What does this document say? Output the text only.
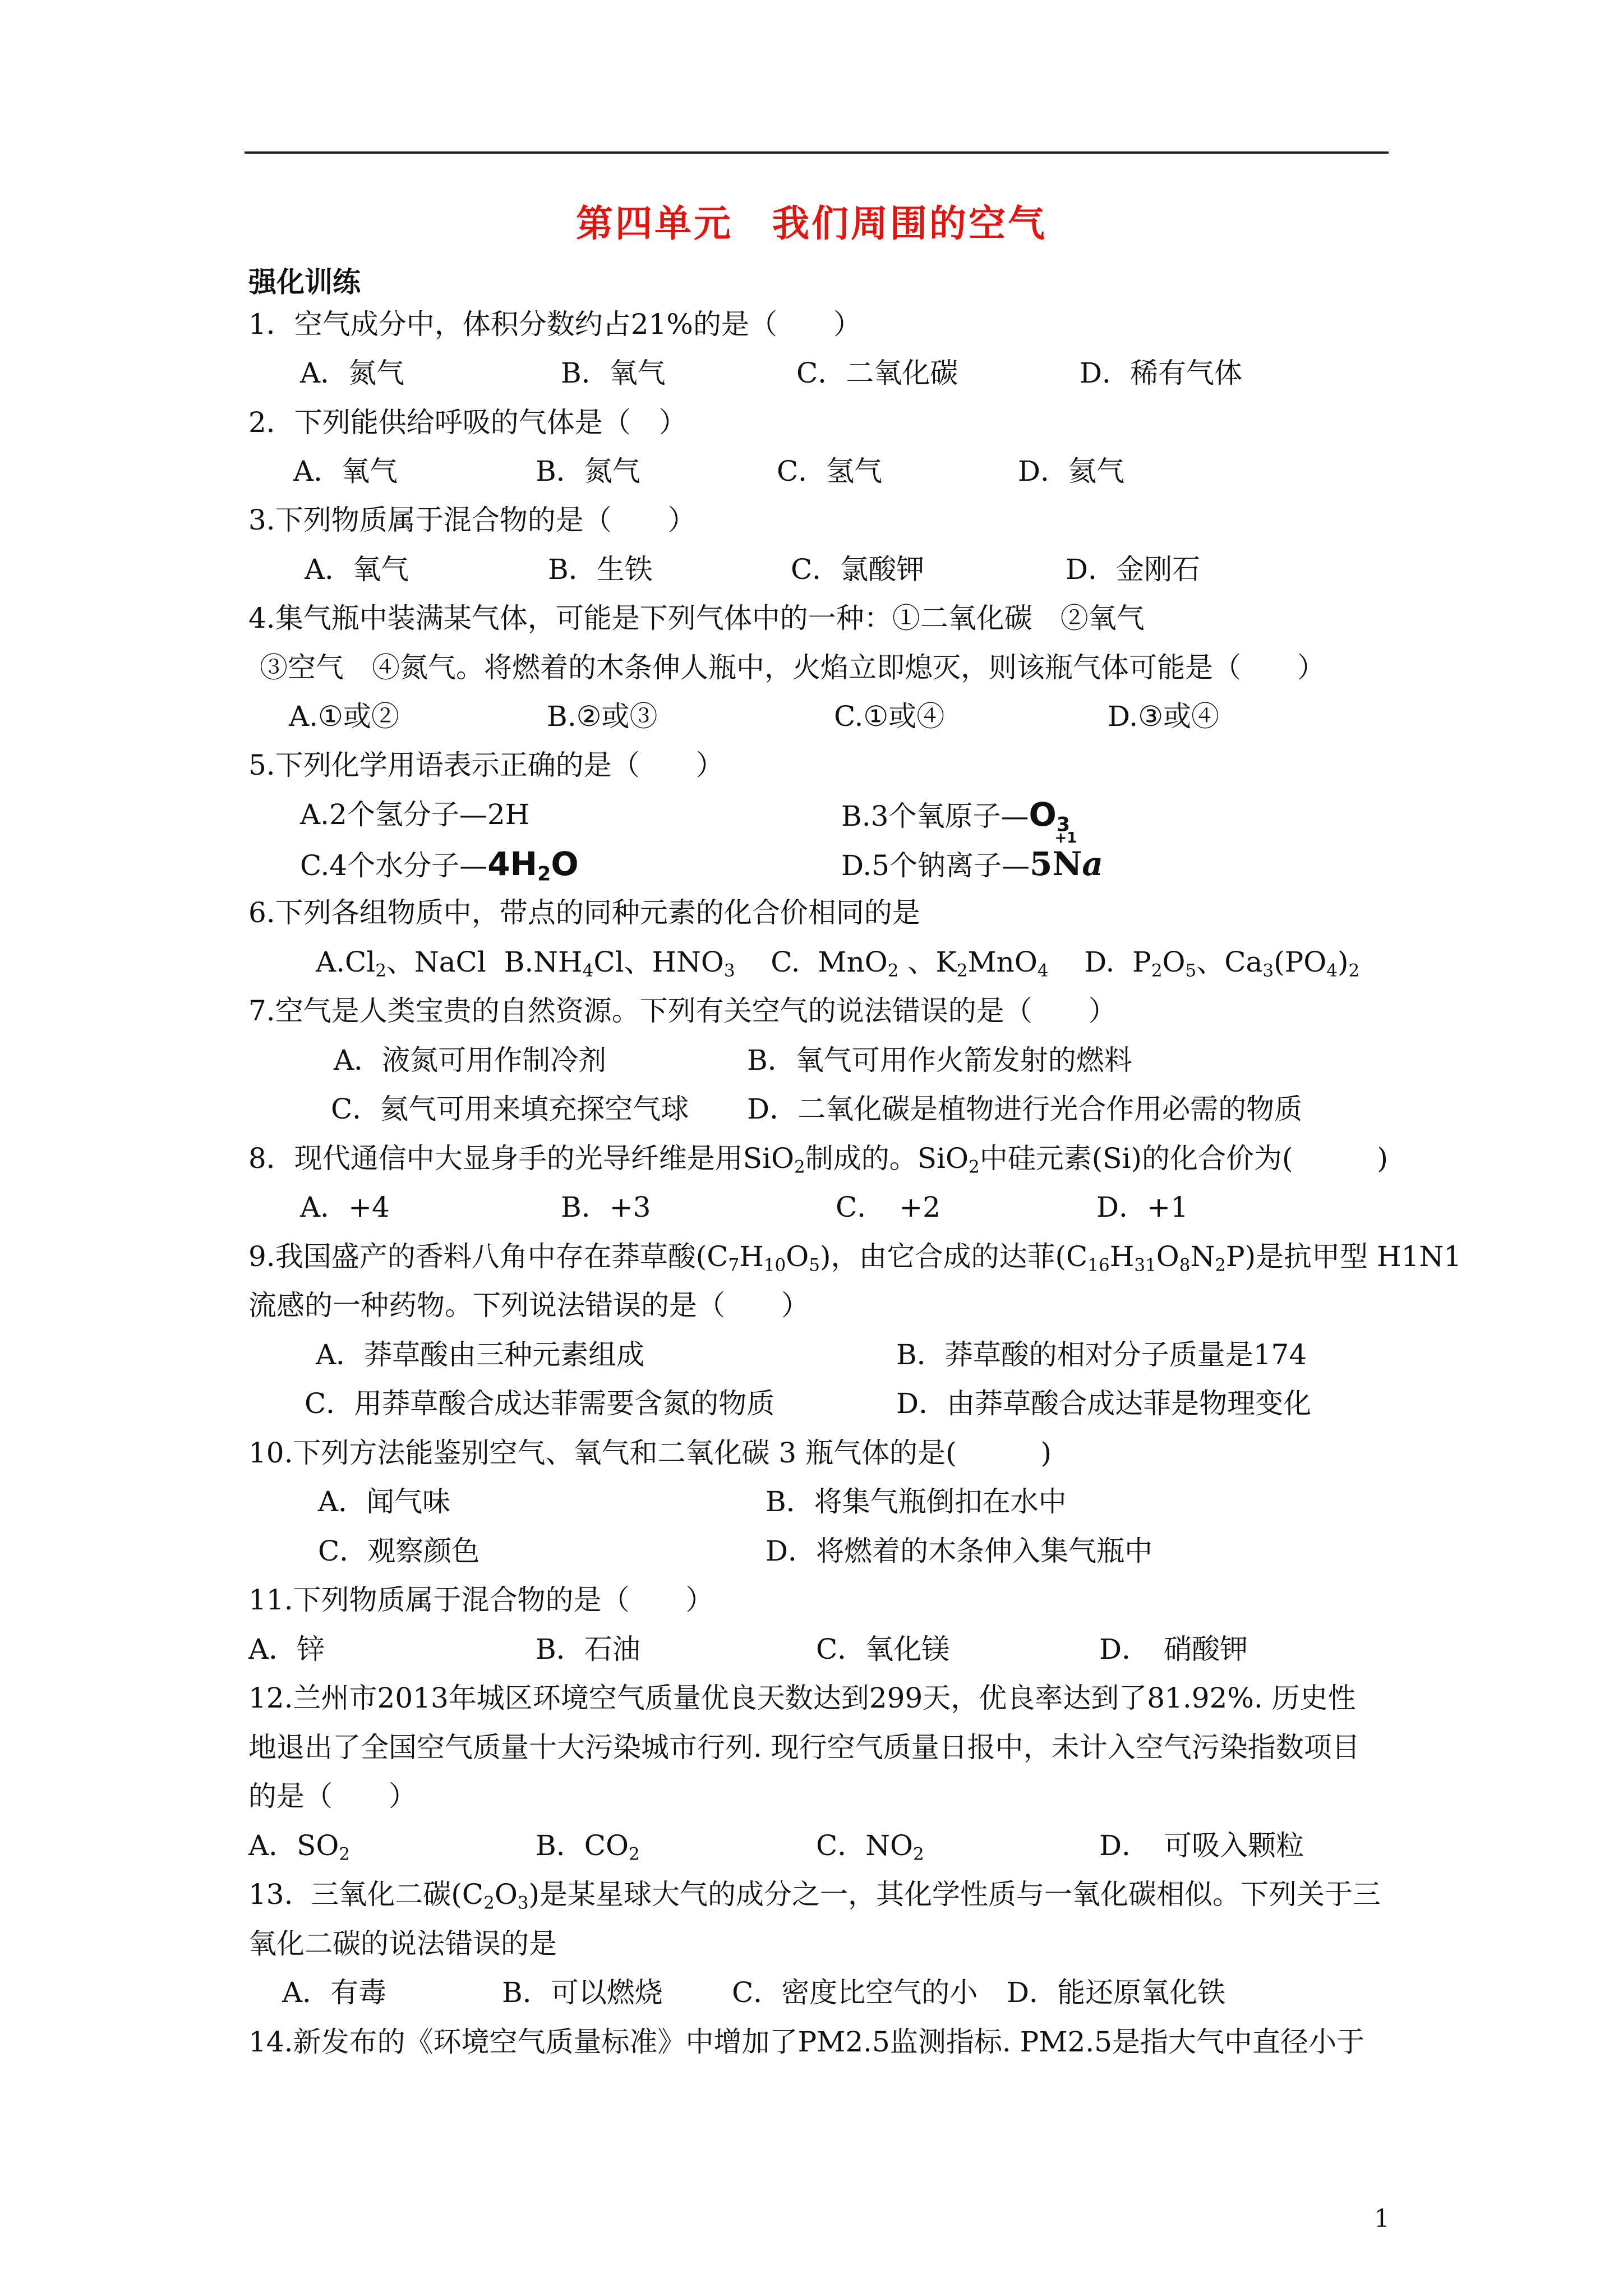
第四单元 我们周围的空气
强化训练
1．空气成分中，体积分数约占21%的是（　　）
A．氮气	B．氧气	C．二氧化碳	D．稀有气体
2．下列能供给呼吸的气体是（　）
A．氧气	B．氮气	C．氢气	D．氦气
3.下列物质属于混合物的是（　　）
A．氧气	B．生铁	C．氯酸钾	D．金刚石
4.集气瓶中装满某气体，可能是下列气体中的一种：①二氧化碳　②氧气
③空气　④氮气。将燃着的木条伸人瓶中，火焰立即熄灭，则该瓶气体可能是（　　）
A.①或②	B.②或③	C.①或④	D.③或④
5.下列化学用语表示正确的是（　　）
A.2个氢分子—2H	B.3个氧原子$—O_3$
+1
C.4个水分子$—4H_2O$	D.5个钠离子—5Na
6.下列各组物质中，带点的同种元素的化合价相同的是
$A.Cl_2$、NaCl  $B.NH_4Cl$、$HNO_3$    C.  MnO$_2$ 、$K_2MnO_4$    D.  $P_2O_5$、$Ca_3(PO_4)_2$
7.空气是人类宝贵的自然资源。下列有关空气的说法错误的是（　　）
A．液氮可用作制冷剂	B．氧气可用作火箭发射的燃料
C．氦气可用来填充探空气球 D．二氧化碳是植物进行光合作用必需的物质
8．现代通信中大显身手的光导纤维是用SiO$_2$制成的。SiO$_2$中硅元素(Si)的化合价为(　　　)
A．+4	B．+3	C．　+2	D．+1
9.我国盛产的香料八角中存在莽草酸$(C_7H_{10}O_5)$，由它合成的达菲$(C_{16}H_{31}O_8N_2P)$是抗甲型 H1N1
流感的一种药物。下列说法错误的是（　　）
A．莽草酸由三种元素组成	B．莽草酸的相对分子质量是174
C．用莽草酸合成达菲需要含氮的物质	D．由莽草酸合成达菲是物理变化
10.下列方法能鉴别空气、氧气和二氧化碳 3 瓶气体的是(　　　)
A．闻气味	B．将集气瓶倒扣在水中
C．观察颜色	D．将燃着的木条伸入集气瓶中
11.下列物质属于混合物的是（　　）
A．锌	B．石油	C．氧化镁	D．　硝酸钾
12.兰州市2013年城区环境空气质量优良天数达到299天，优良率达到了81.92%. 历史性
地退出了全国空气质量十大污染城市行列. 现行空气质量日报中，未计入空气污染指数项目
的是（　　）
A．$SO_2$	B．$CO_2$	C．$NO_2$	D．　可吸入颗粒
13.  三氧化二碳$(C_2O_3)$是某星球大气的成分之一，其化学性质与一氧化碳相似。下列关于三
氧化二碳的说法错误的是
A．有毒	B．可以燃烧 C．密度比空气的小 D．能还原氧化铁
14.新发布的《环境空气质量标准》中增加了PM2.5监测指标. PM2.5是指大气中直径小于
1
